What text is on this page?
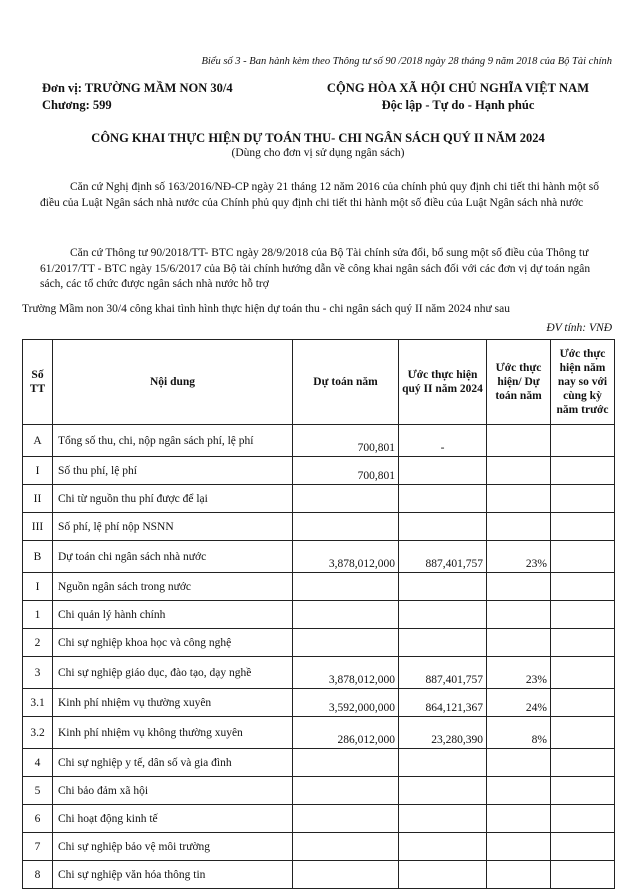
Biểu số 3 - Ban hành kèm theo Thông tư số 90 /2018 ngày 28 tháng 9 năm 2018 của Bộ Tài chính
Đơn vị: TRƯỜNG MẦM NON 30/4
Chương: 599
CỘNG HÒA XÃ HỘI CHỦ NGHĨA VIỆT NAM
Độc lập - Tự do - Hạnh phúc
CÔNG KHAI THỰC HIỆN DỰ TOÁN THU- CHI NGÂN SÁCH QUÝ II NĂM 2024
(Dùng cho đơn vị sử dụng ngân sách)
Căn cứ Nghị định số 163/2016/NĐ-CP ngày 21 tháng 12 năm 2016 của chính phủ quy định chi tiết thi hành một số điều của Luật Ngân sách nhà nước của Chính phủ quy định chi tiết thi hành một số điều của Luật Ngân sách nhà nước
Căn cứ Thông tư 90/2018/TT- BTC ngày 28/9/2018 của Bộ Tài chính sửa đổi, bổ sung một số điều của Thông tư 61/2017/TT - BTC ngày 15/6/2017 của Bộ tài chính hướng dẫn về công khai ngân sách đối với các đơn vị dự toán ngân sách, các tổ chức được ngân sách nhà nước hỗ trợ
Trường Mầm non 30/4 công khai tình hình thực hiện dự toán thu - chi ngân sách quý II năm 2024 như sau
ĐV tính: VNĐ
Số TT	Nội dung	Dự toán năm	Ước thực hiện quý II năm 2024	Ước thực hiện/ Dự toán năm	Ước thực hiện năm nay so với cùng kỳ năm trước
A	Tổng số thu, chi, nộp ngân sách phí, lệ phí	700,801	-		
I	Số thu phí, lệ phí	700,801			
II	Chi từ nguồn thu phí được để lại				
III	Số phí, lệ phí nộp NSNN				
B	Dự toán chi ngân sách nhà nước	3,878,012,000	887,401,757	23%	
I	Nguồn ngân sách trong nước				
1	Chi quản lý hành chính				
2	Chi sự nghiệp khoa học và công nghệ				
3	Chi sự nghiệp giáo dục, đào tạo, dạy nghề	3,878,012,000	887,401,757	23%	
3.1	Kinh phí nhiệm vụ thường xuyên	3,592,000,000	864,121,367	24%	
3.2	Kinh phí nhiệm vụ không thường xuyên	286,012,000	23,280,390	8%	
4	Chi sự nghiệp y tế, dân số và gia đình				
5	Chi bảo đảm xã hội				
6	Chi hoạt động kinh tế				
7	Chi sự nghiệp bảo vệ môi trường				
8	Chi sự nghiệp văn hóa thông tin				
